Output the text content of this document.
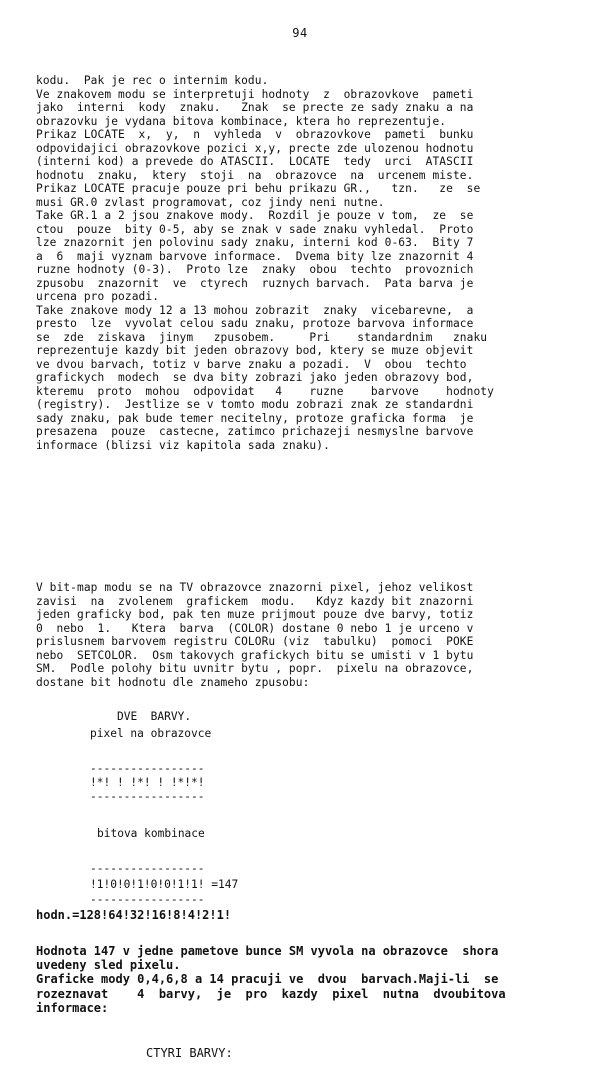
94
kodu.  Pak je rec o internim kodu.
Ve znakovem modu se interpretuji hodnoty  z  obrazovkove  pameti
jako  interni  kody  znaku.   Znak  se precte ze sady znaku a na
obrazovku je vydana bitova kombinace, ktera ho reprezentuje.
Prikaz LOCATE  x,  y,  n  vyhleda  v  obrazovkove  pameti  bunku
odpovidajici obrazovkove pozici x,y, precte zde ulozenou hodnotu
(interni kod) a prevede do ATASCII.  LOCATE  tedy  urci  ATASCII
hodnotu  znaku,  ktery  stoji  na  obrazovce  na  urcenem miste.
Prikaz LOCATE pracuje pouze pri behu prikazu GR.,   tzn.   ze  se
musi GR.0 zvlast programovat, coz jindy neni nutne.
Take GR.1 a 2 jsou znakove mody.  Rozdil je pouze v tom,  ze  se
ctou  pouze  bity 0-5, aby se znak v sade znaku vyhledal.  Proto
lze znazornit jen polovinu sady znaku, interni kod 0-63.  Bity 7
a  6  maji vyznam barvove informace.  Dvema bity lze znazornit 4
ruzne hodnoty (0-3).  Proto lze  znaky  obou  techto  provoznich
zpusobu  znazornit  ve  ctyrech  ruznych barvach.  Pata barva je
urcena pro pozadi.
Take znakove mody 12 a 13 mohou zobrazit  znaky  vicebarevne,  a
presto  lze  vyvolat celou sadu znaku, protoze barvova informace
se  zde  ziskava  jinym   zpusobem.     Pri    standardnim   znaku
reprezentuje kazdy bit jeden obrazovy bod, ktery se muze objevit
ve dvou barvach, totiz v barve znaku a pozadi.  V  obou  techto
grafickych  modech  se dva bity zobrazi jako jeden obrazovy bod,
kteremu  proto  mohou  odpovidat   4    ruzne    barvove    hodnoty
(registry).  Jestlize se v tomto modu zobrazi znak ze standardni
sady znaku, pak bude temer necitelny, protoze graficka forma  je
presazena  pouze  castecne, zatimco prichazeji nesmyslne barvove
informace (blizsi viz kapitola sada znaku).
V bit-map modu se na TV obrazovce znazorni pixel, jehoz velikost
zavisi  na  zvolenem  grafickem  modu.   Kdyz kazdy bit znazorni
jeden graficky bod, pak ten muze prijmout pouze dve barvy, totiz
0  nebo  1.   Ktera  barva  (COLOR) dostane 0 nebo 1 je urceno v
prislusnem barvovem registru COLORu (viz  tabulku)  pomoci  POKE
nebo  SETCOLOR.  Osm takovych grafickych bitu se umisti v 1 bytu
SM.  Podle polohy bitu uvnitr bytu , popr.  pixelu na obrazovce,
dostane bit hodnotu dle znameho zpusobu:
DVE  BARVY.
pixel na obrazovce
-----------------
!*! ! !*! ! !*!*!
-----------------
bitova kombinace
-----------------
!1!0!0!1!0!0!1!1! =147
-----------------
hodn.=128!64!32!16!8!4!2!1!
Hodnota 147 v jedne pametove bunce SM vyvola na obrazovce  shora
uvedeny sled pixelu.
Graficke mody 0,4,6,8 a 14 pracuji ve  dvou  barvach.Maji-li  se
rozeznavat    4  barvy,  je  pro  kazdy  pixel  nutna  dvoubitova
informace:
CTYRI BARVY:
